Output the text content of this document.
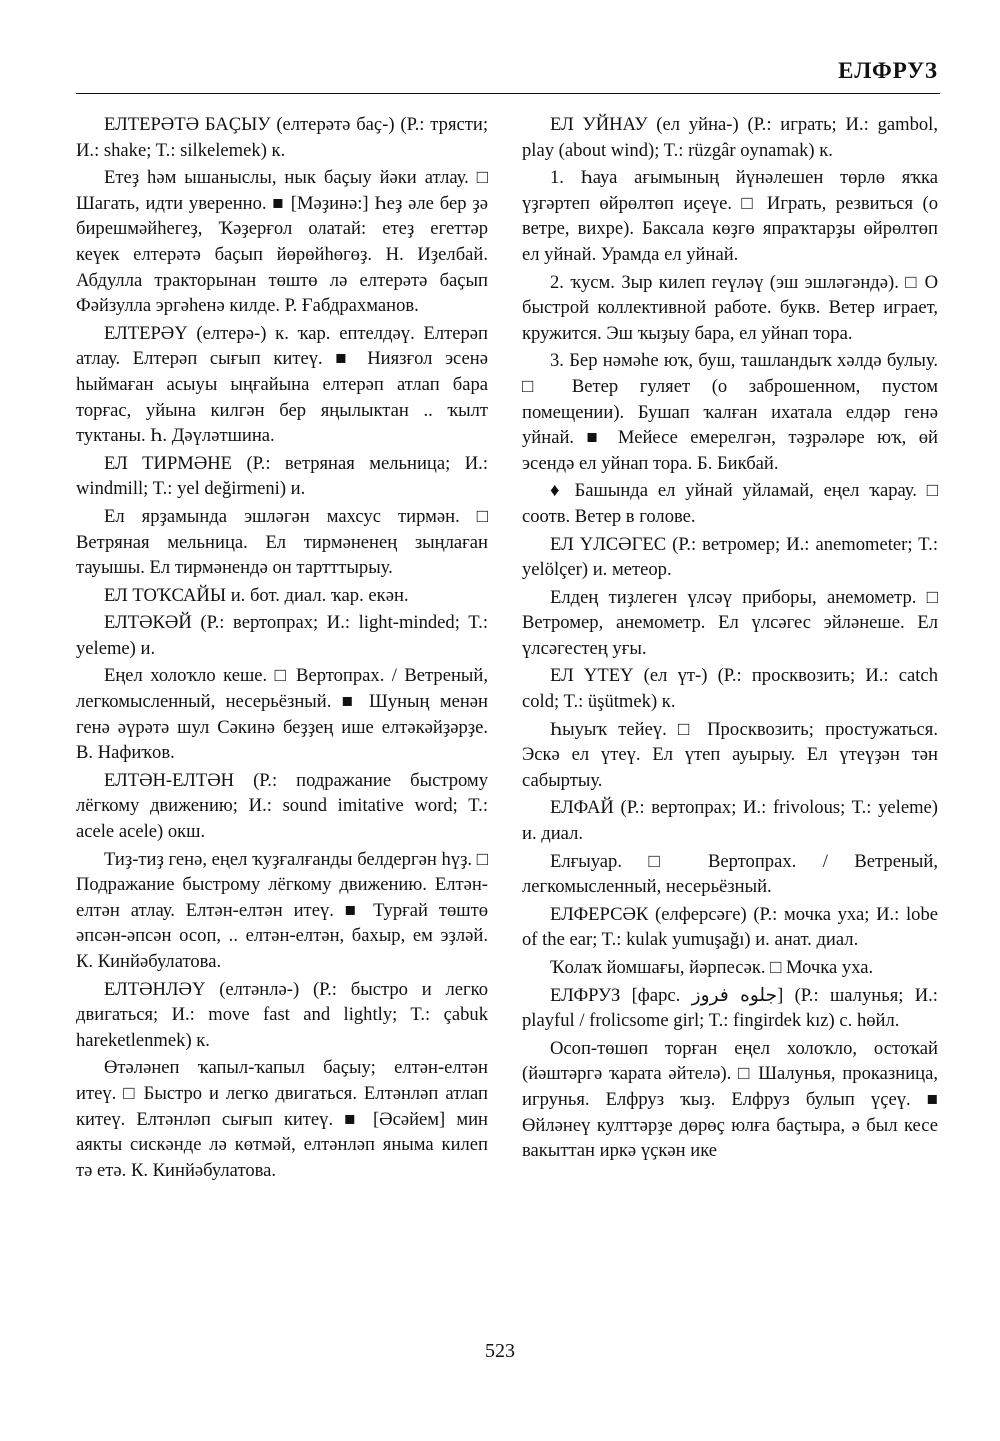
ЕЛФРУЗ

ЕЛТЕРӘТӘ БАҪЫУ (елтерәтә баҫ-) (Р.: трясти; И.: shake; T.: silkelemek) к.

Етеҙ һәм ышаныслы, нык баҫыу йәки атлау. □ Шагать, идти уверенно. ■ [Мәҙинә:] Һеҙ әле бер ҙә бирешмәйһегеҙ, Ҡәҙерғол олатай: етеҙ егеттәр кеүек елтерәтә баҫып йөрөйһөгөҙ. Н. Иҙелбай. Абдулла тракторынан төштө лә елтерәтә баҫып Фәйзулла эргәһенә килде. Р. Ғабдрахманов.

ЕЛТЕРӘҮ (елтерә-) к. ҡар. ептелдәү. Елтерәп атлау. Елтерәп сығып китеү. ■ Ниязғол эсенә һыймаған асыуы ыңғайына елтерәп атлап бара торғас, уйына килгән бер яңылыктан .. ҡылт туктаны. Һ. Дәүләтшина.

ЕЛ ТИРМӘНЕ (Р.: ветряная мельница; И.: windmill; T.: yel değirmeni) и.

Ел ярҙамында эшләгән махсус тирмән. □ Ветряная мельница. Ел тирмәненең зыңлаған тауышы. Ел тирмәнендә он тартттырыу.

ЕЛ ТОҠСАЙЫ и. бот. диал. ҡар. екән.

ЕЛТӘКӘЙ (Р.: вертопрах; И.: light-minded; T.: yeleme) и.

Еңел холоҡло кеше. □ Вертопрах. / Ветреный, легкомысленный, несерьёзный. ■ Шуның менән генә әүрәтә шул Сәкинә беҙҙең ише елтәкәйҙәрҙе. В. Нафиҡов.

ЕЛТӘН-ЕЛТӘН (Р.: подражание быстрому лёгкому движению; И.: sound imitative word; T.: acele acele) окш.

Тиҙ-тиҙ генә, еңел ҡуҙғалғанды белдергән һүҙ. □ Подражание быстрому лёгкому движению. Елтән-елтән атлау. Елтән-елтән итеү. ■ Турғай төштө әпсән-әпсән осоп, .. елтән-елтән, бахыр, ем эҙләй. К. Кинйәбулатова.

ЕЛТӘНЛӘҮ (елтәнлә-) (Р.: быстро и легко двигаться; И.: move fast and lightly; T.: çabuk hareketlenmek) к.

Өтәләнеп ҡапыл-ҡапыл баҫыу; елтән-елтән итеү. □ Быстро и легко двигаться. Елтәнләп атлап китеү. Елтәнләп сығып китеү. ■ [Әсәйем] мин аякты сискәнде лә көтмәй, елтәнләп яныма килеп тә етә. К. Кинйәбулатова.

ЕЛ УЙНАУ (ел уйна-) (Р.: играть; И.: gambol, play (about wind); T.: rüzgâr oynamak) к.

1. Һауа ағымының йүнәлешен төрлө яҡка үҙгәртеп өйрөлтөп иҫеүе. □ Играть, резвиться (о ветре, вихре). Баксала көҙгө япраҡтарҙы өйрөлтөп ел уйнай. Урамда ел уйнай.

2. ҡусм. Зыр килеп геүләү (эш эшләгәндә). □ О быстрой коллективной работе. букв. Ветер играет, кружится. Эш ҡыҙыу бара, ел уйнап тора.

3. Бер нәмәһе юҡ, буш, ташландыҡ хәлдә булыу. □ Ветер гуляет (о заброшенном, пустом помещении). Бушап ҡалған ихатала елдәр генә уйнай. ■ Мейесе емерелгән, тәҙрәләре юҡ, өй эсендә ел уйнап тора. Б. Бикбай.

♦ Башында ел уйнай уйламай, еңел ҡарау. □ соотв. Ветер в голове.

ЕЛ ҮЛСӘГЕС (Р.: ветромер; И.: anemometer; T.: yelölçer) и. метеор.

Елдең тиҙлеген үлсәү приборы, анемометр. □ Ветромер, анемометр. Ел үлсәгес эйләнеше. Ел үлсәгестең уғы.

ЕЛ ҮТЕҮ (ел үт-) (Р.: просквозить; И.: catch cold; T.: üşütmek) к.

Һыуыҡ тейеү. □ Просквозить; простужаться. Эскә ел үтеү. Ел үтеп ауырыу. Ел үтеүҙән тән сабыртыу.

ЕЛФАЙ (Р.: вертопрах; И.: frivolous; T.: yeleme) и. диал.

Елғыуар. □ Вертопрах. / Ветреный, легкомысленный, несерьёзный.

ЕЛФЕРСӘК (елферсәге) (Р.: мочка уха; И.: lobe of the ear; T.: kulak yumuşağı) и. анат. диал.

Ҡолаҡ йомшағы, йәрпесәк. □ Мочка уха.

ЕЛФРУЗ [фарс. جلوه فروز] (Р.: шалунья; И.: playful / frolicsome girl; T.: fingirdek kız) с. һөйл.

Осоп-төшөп торған еңел холоҡло, остоҡай (йәштәргә ҡарата әйтелә). □ Шалунья, проказница, игрунья. Елфруз ҡыҙ. Елфруз булып үҫеү. ■ Өйләнеү култтәрҙе дөрөҫ юлға баҫтыра, ә был кесе вакыттан иркә үҫкән ике

523
